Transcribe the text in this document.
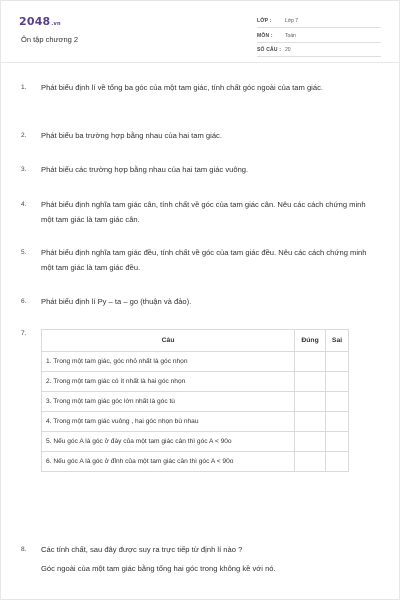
2048.vn
Ôn tập chương 2
LỚP :	Lớp 7
MÔN : Toán
SỐ CÂU : 20
1.	Phát biểu định lí về tổng ba góc của một tam giác, tính chất góc ngoài của tam giác.
2.	Phát biểu ba trường hợp bằng nhau của hai tam giác.
3.	Phát biểu các trường hợp bằng nhau của hai tam giác vuông.
4.	Phát biểu định nghĩa tam giác cân, tính chất về góc của tam giác cân. Nêu các cách chứng minh một tam giác là tam giác cân.
5.	Phát biểu định nghĩa tam giác đều, tính chất về góc của tam giác đều. Nêu các cách chứng minh một tam giác là tam giác đều.
6.	Phát biểu định lí Py – ta – go (thuận và đảo).
7.
Câu	Đúng	Sai
1. Trong một tam giác, góc nhỏ nhất là góc nhọn		
2. Trong một tam giác có ít nhất là hai góc nhọn		
3. Trong một tam giác góc lớn nhất là góc tù		
4. Trong một tam giác vuông , hai góc nhọn bù nhau		
5. Nếu góc A là góc ở đáy của một tam giác cân thì góc A < 90o		
6. Nếu góc A là góc ở đỉnh của một tam giác cân thì góc A < 90o		
8.	Các tính chất, sau đây được suy ra trực tiếp từ định lí nào ?
Góc ngoài của một tam giác bằng tổng hai góc trong không kề với nó.
